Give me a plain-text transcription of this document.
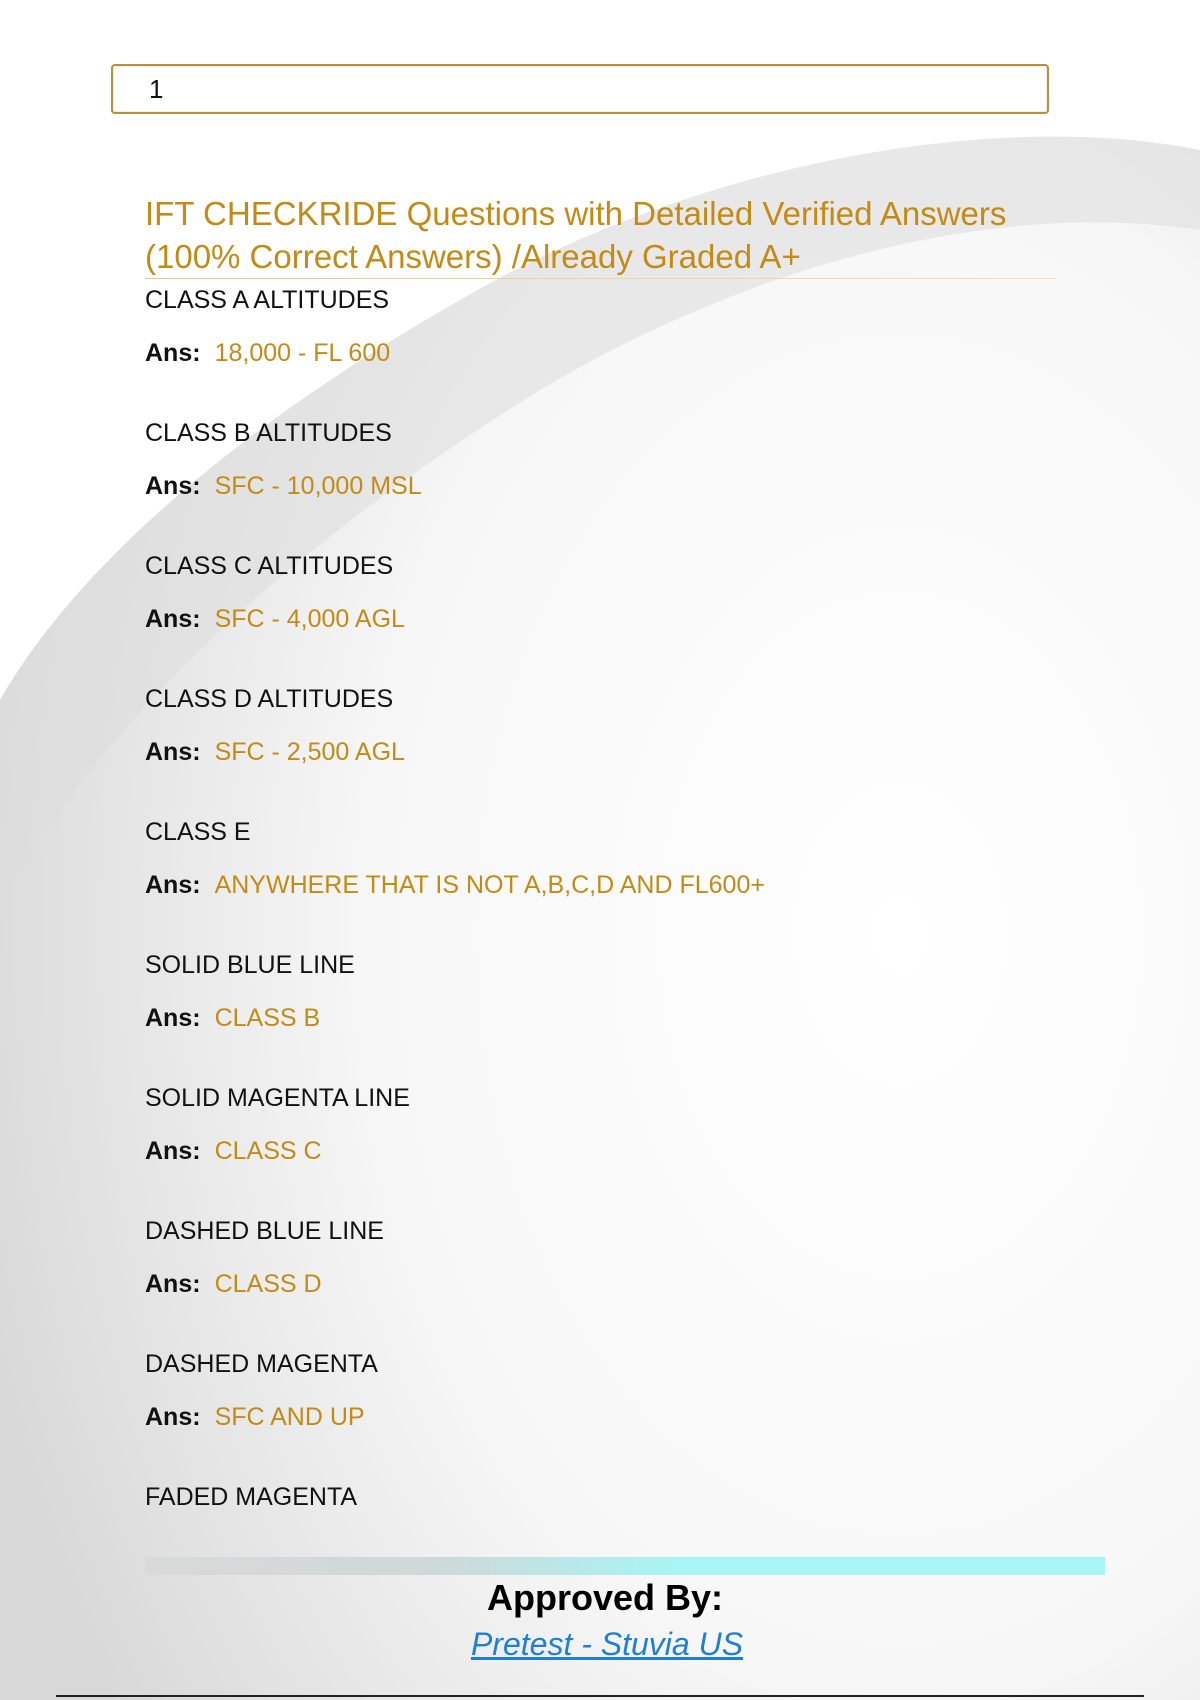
1
IFT CHECKRIDE Questions with Detailed Verified Answers (100% Correct Answers) /Already Graded A+
CLASS A ALTITUDES
Ans: 18,000 - FL 600
CLASS B ALTITUDES
Ans: SFC - 10,000 MSL
CLASS C ALTITUDES
Ans: SFC - 4,000 AGL
CLASS D ALTITUDES
Ans: SFC - 2,500 AGL
CLASS E
Ans: ANYWHERE THAT IS NOT A,B,C,D AND FL600+
SOLID BLUE LINE
Ans: CLASS B
SOLID MAGENTA LINE
Ans: CLASS C
DASHED BLUE LINE
Ans: CLASS D
DASHED MAGENTA
Ans: SFC AND UP
FADED MAGENTA
Approved By:
Pretest - Stuvia US
